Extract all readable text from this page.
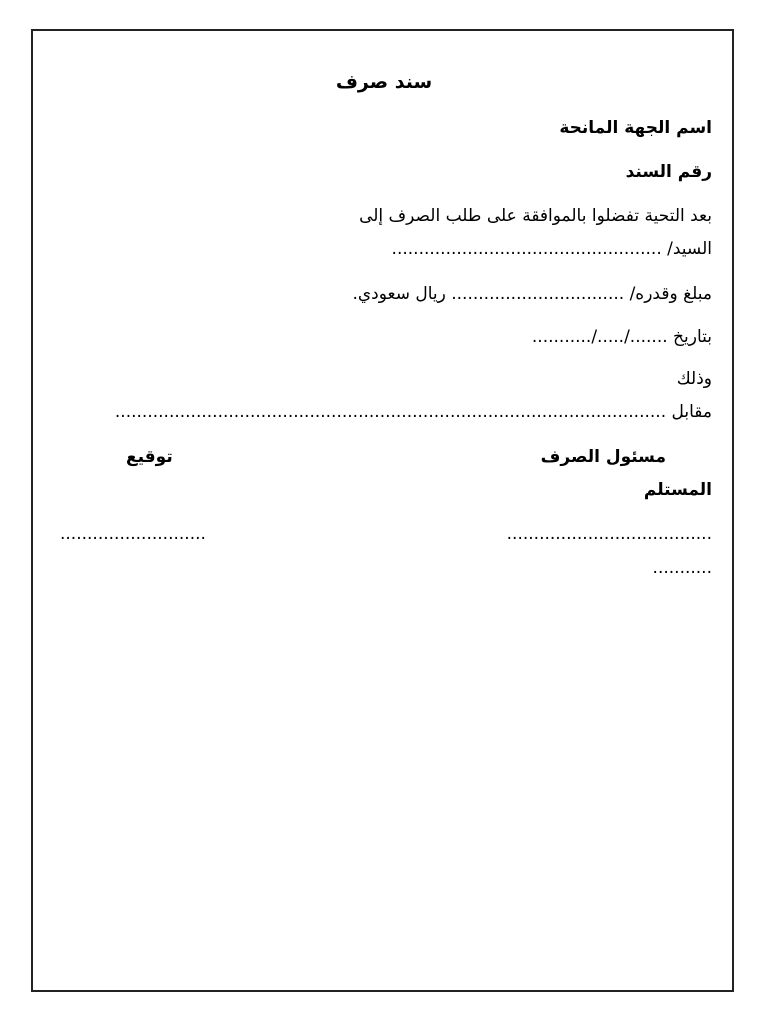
سند صرف
اسم الجهة المانحة
رقم السند
بعد التحية تفضلوا بالموافقة على طلب الصرف إلى
السيد/ ..................................................
مبلغ وقدره/ ................................ ريال سعودي.
بتاريخ ......./...../...........
وذلك
مقابل ......................................................................................................
مسئول الصرف
توقيع
المستلم
......................................
...........................
...........
